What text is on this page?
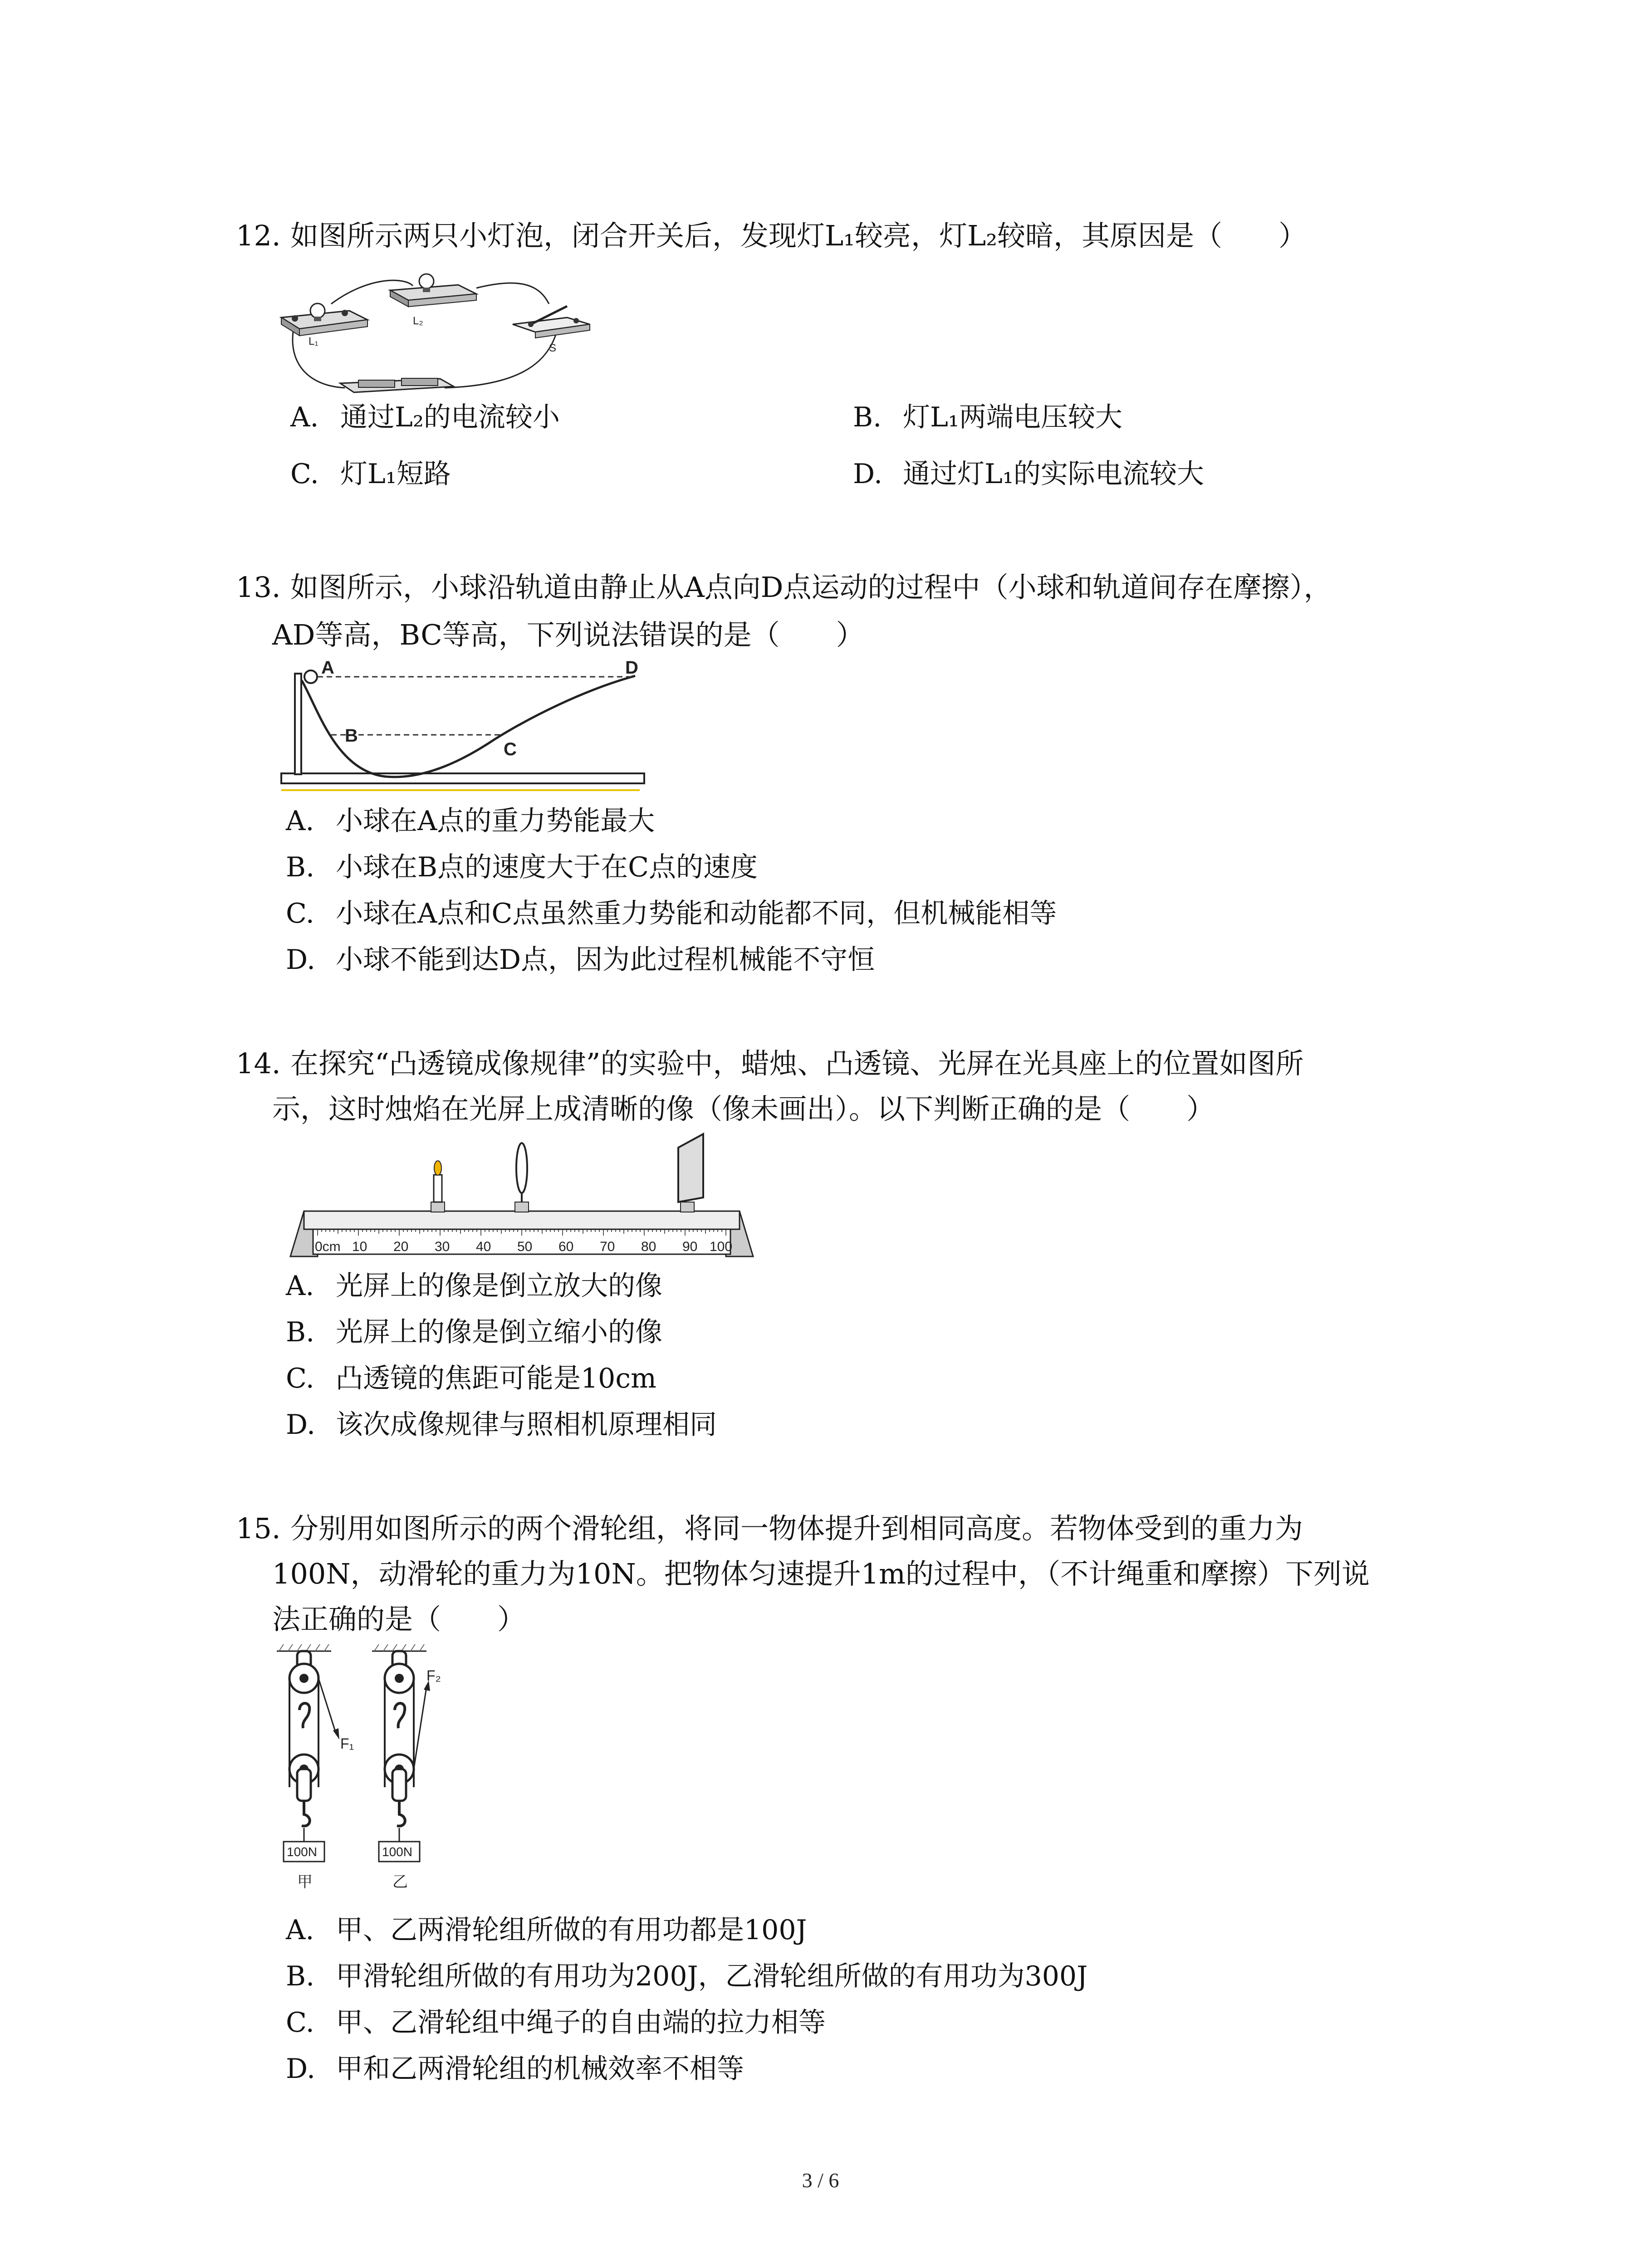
12. 如图所示两只小灯泡，闭合开关后，发现灯L₁较亮，灯L₂较暗，其原因是（　　）
L₁
L₂
S
A. 通过L₂的电流较小	B. 灯L₁两端电压较大
C. 灯L₁短路	D. 通过灯L₁的实际电流较大
13. 如图所示，小球沿轨道由静止从A点向D点运动的过程中（小球和轨道间存在摩擦），
AD等高，BC等高，下列说法错误的是（　　）
A
B
C
D
A. 小球在A点的重力势能最大
B. 小球在B点的速度大于在C点的速度
C. 小球在A点和C点虽然重力势能和动能都不同，但机械能相等
D. 小球不能到达D点，因为此过程机械能不守恒
14. 在探究“凸透镜成像规律”的实验中，蜡烛、凸透镜、光屏在光具座上的位置如图所
示，这时烛焰在光屏上成清晰的像（像未画出）。以下判断正确的是（　　）
0cm 10 20 30 40 50 60 70 80 90 100
A. 光屏上的像是倒立放大的像
B. 光屏上的像是倒立缩小的像
C. 凸透镜的焦距可能是10cm
D. 该次成像规律与照相机原理相同
15. 分别用如图所示的两个滑轮组，将同一物体提升到相同高度。若物体受到的重力为
100N，动滑轮的重力为10N。把物体匀速提升1m的过程中，（不计绳重和摩擦）下列说
法正确的是（　　）
F₁
100N
甲
F₂
100N
乙
A. 甲、乙两滑轮组所做的有用功都是100J
B. 甲滑轮组所做的有用功为200J，乙滑轮组所做的有用功为300J
C. 甲、乙滑轮组中绳子的自由端的拉力相等
D. 甲和乙两滑轮组的机械效率不相等
3 / 6
